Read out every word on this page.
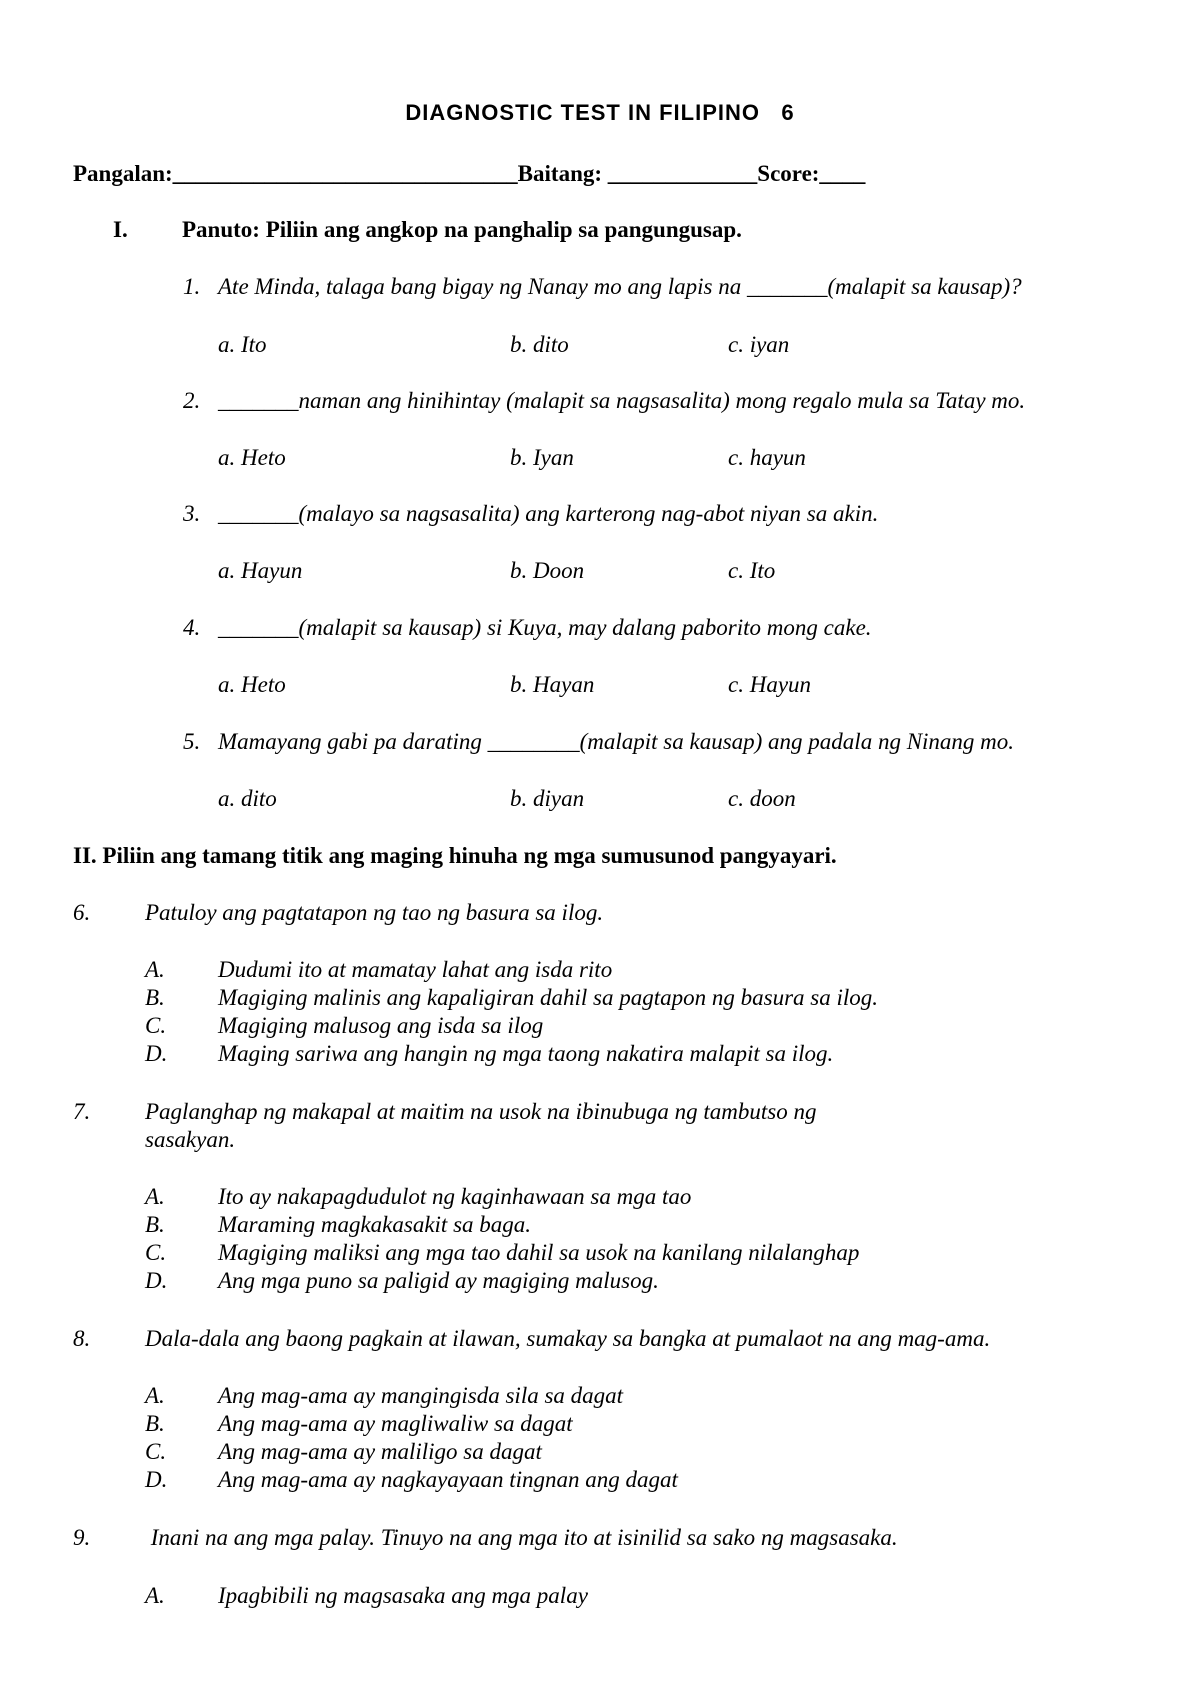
DIAGNOSTIC TEST IN FILIPINO   6
Pangalan:______________________________Baitang: _____________Score:____
I. Panuto: Piliin ang angkop na panghalip sa pangungusap.
1. Ate Minda, talaga bang bigay ng Nanay mo ang lapis na _______(malapit sa kausap)?
a. Ito	b. dito	c. iyan
2. _______naman ang hinihintay (malapit sa nagsasalita) mong regalo mula sa Tatay mo.
a. Heto	b. Iyan	c. hayun
3. _______(malayo sa nagsasalita) ang karterong nag-abot niyan sa akin.
a. Hayun	b. Doon	c. Ito
4. _______(malapit sa kausap) si Kuya, may dalang paborito mong cake.
a. Heto	b. Hayan	c. Hayun
5. Mamayang gabi pa darating ________(malapit sa kausap) ang padala ng Ninang mo.
a. dito	b. diyan	c. doon
II. Piliin ang tamang titik ang maging hinuha ng mga sumusunod pangyayari.
6. Patuloy ang pagtatapon ng tao ng basura sa ilog.
A. Dudumi ito at mamatay lahat ang isda rito
B. Magiging malinis ang kapaligiran dahil sa pagtapon ng basura sa ilog.
C. Magiging malusog ang isda sa ilog
D. Maging sariwa ang hangin ng mga taong nakatira malapit sa ilog.
7. Paglanghap ng makapal at maitim na usok na ibinubuga ng tambutso ng
sasakyan.
A. Ito ay nakapagdudulot ng kaginhawaan sa mga tao
B. Maraming magkakasakit sa baga.
C. Magiging maliksi ang mga tao dahil sa usok na kanilang nilalanghap
D. Ang mga puno sa paligid ay magiging malusog.
8. Dala-dala ang baong pagkain at ilawan, sumakay sa bangka at pumalaot na ang mag-ama.
A. Ang mag-ama ay mangingisda sila sa dagat
B. Ang mag-ama ay magliwaliw sa dagat
C. Ang mag-ama ay maliligo sa dagat
D. Ang mag-ama ay nagkayayaan tingnan ang dagat
9. Inani na ang mga palay. Tinuyo na ang mga ito at isinilid sa sako ng magsasaka.
A. Ipagbibili ng magsasaka ang mga palay
